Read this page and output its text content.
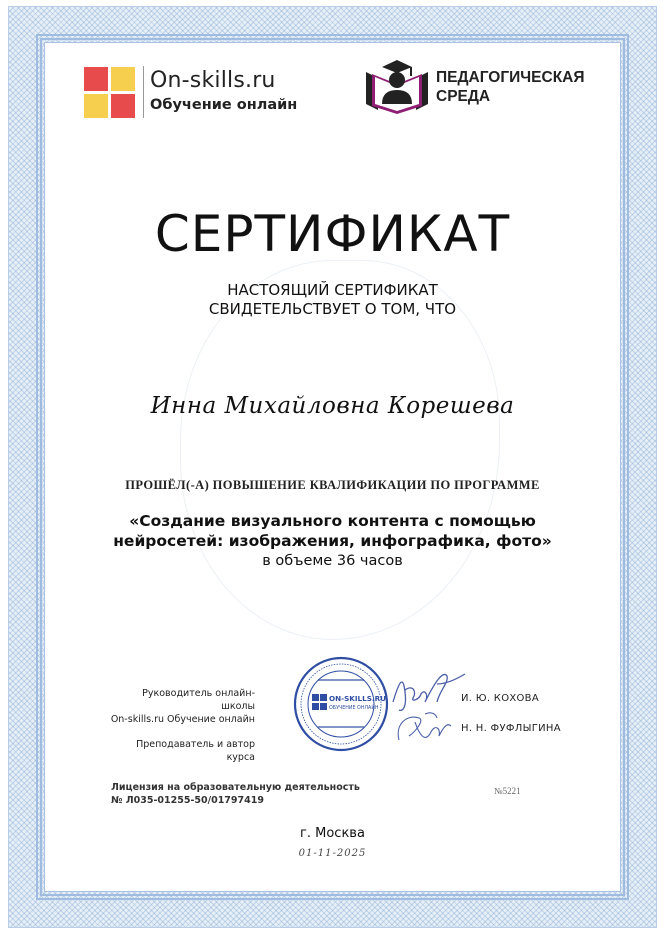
On-skills.ru
Обучение онлайн
ПЕДАГОГИЧЕСКАЯ
СРЕДА
СЕРТИФИКАТ
НАСТОЯЩИЙ СЕРТИФИКАТ
СВИДЕТЕЛЬСТВУЕТ О ТОМ, ЧТО
Инна Михайловна Корешева
ПРОШЁЛ(-А) ПОВЫШЕНИЕ КВАЛИФИКАЦИИ ПО ПРОГРАММЕ
«Создание визуального контента с помощью
нейросетей: изображения, инфографика, фото»
в объеме 36 часов
Руководитель онлайн-школы
On-skills.ru Обучение онлайн
Преподаватель и автор курса
ON-SKILLS.RU
ОБУЧЕНИЕ ОНЛАЙН
И. Ю. КОХОВА
Н. Н. ФУФЛЫГИНА
Лицензия на образовательную деятельность
№ Л035-01255-50/01797419
№5221
г. Москва
01-11-2025
